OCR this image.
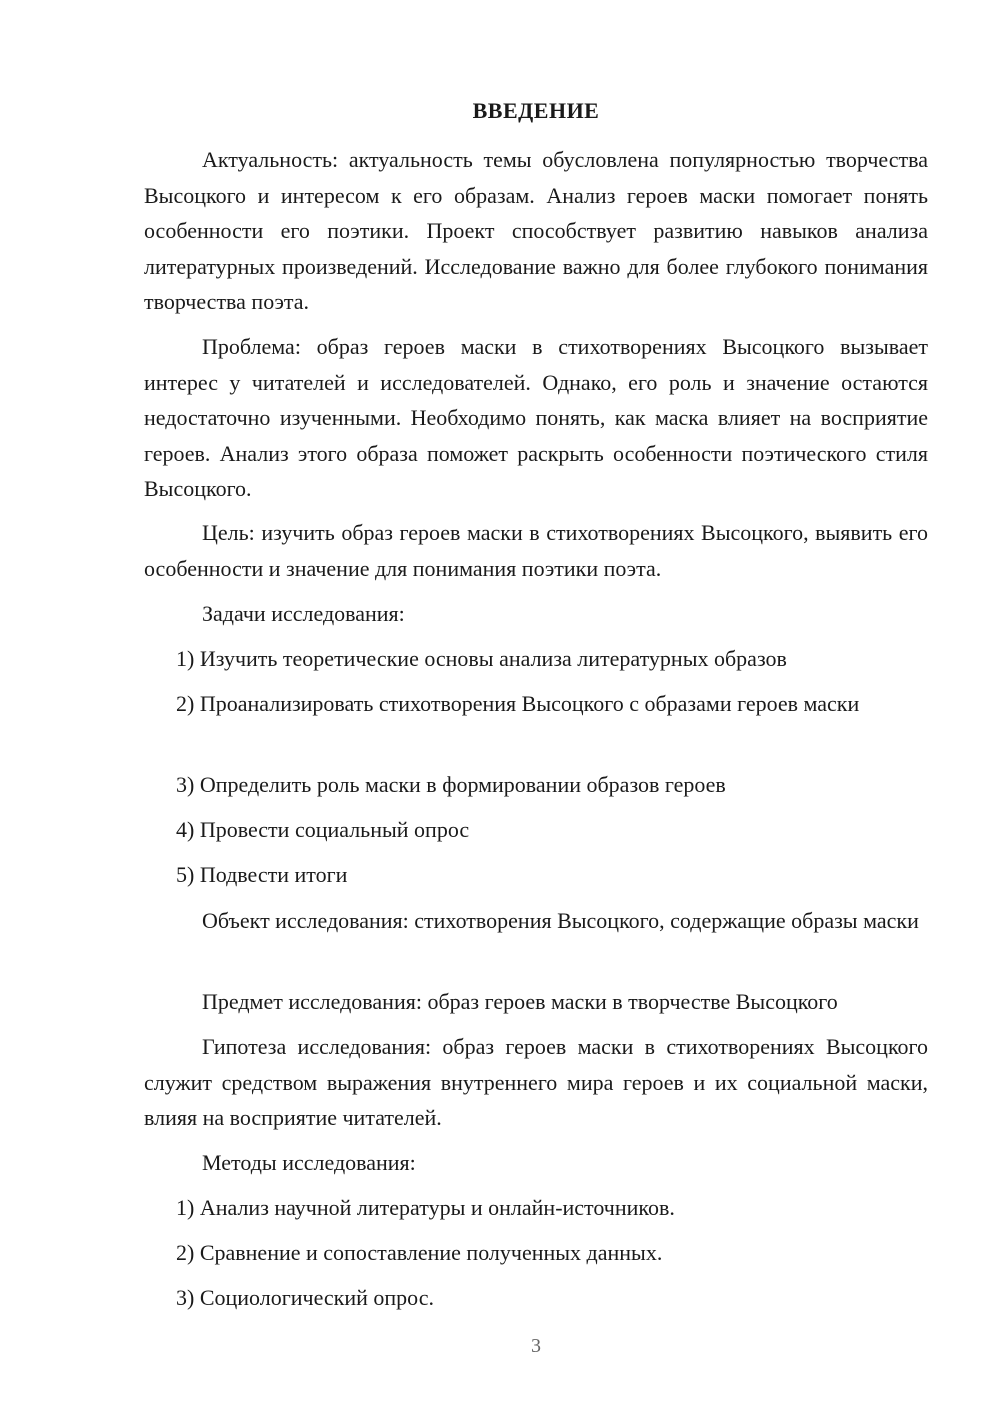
ВВЕДЕНИЕ

Актуальность: актуальность темы обусловлена популярностью творчества Высоцкого и интересом к его образам. Анализ героев маски помогает понять особенности его поэтики. Проект способствует развитию навыков анализа литературных произведений. Исследование важно для более глубокого понимания творчества поэта.

Проблема: образ героев маски в стихотворениях Высоцкого вызывает интерес у читателей и исследователей. Однако, его роль и значение остаются недостаточно изученными. Необходимо понять, как маска влияет на восприятие героев. Анализ этого образа поможет раскрыть особенности поэтического стиля Высоцкого.

Цель: изучить образ героев маски в стихотворениях Высоцкого, выявить его особенности и значение для понимания поэтики поэта.

Задачи исследования:

1) Изучить теоретические основы анализа литературных образов

2) Проанализировать стихотворения Высоцкого с образами героев маски

3) Определить роль маски в формировании образов героев

4) Провести социальный опрос

5) Подвести итоги

Объект исследования: стихотворения Высоцкого, содержащие образы маски

Предмет исследования: образ героев маски в творчестве Высоцкого

Гипотеза исследования: образ героев маски в стихотворениях Высоцкого служит средством выражения внутреннего мира героев и их социальной маски, влияя на восприятие читателей.

Методы исследования:

1) Анализ научной литературы и онлайн-источников.

2) Сравнение и сопоставление полученных данных.

3) Социологический опрос.

3
